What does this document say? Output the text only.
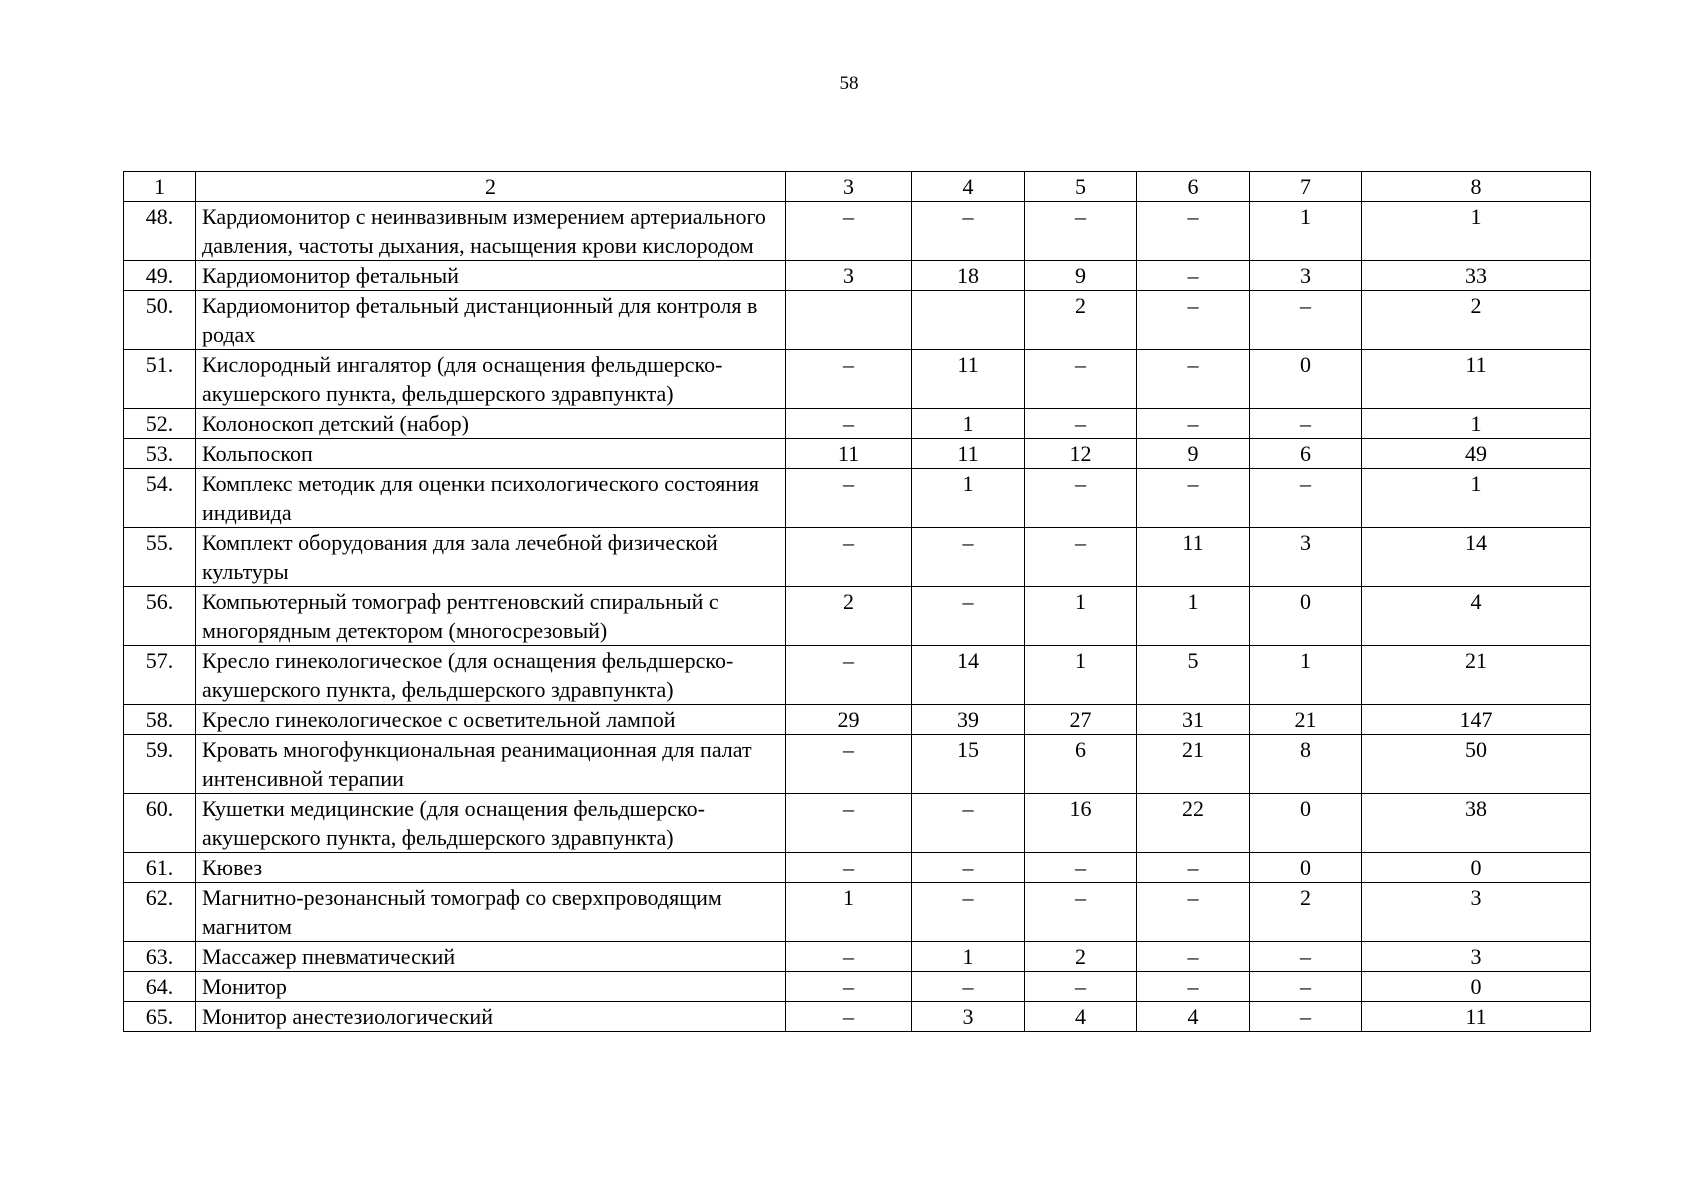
58
1	2	3	4	5	6	7	8
48.	Кардиомонитор с неинвазивным измерением артериального давления, частоты дыхания, насыщения крови кислородом	–	–	–	–	1	1
49.	Кардиомонитор фетальный	3	18	9	–	3	33
50.	Кардиомонитор фетальный дистанционный для контроля в родах			2	–	–	2
51.	Кислородный ингалятор (для оснащения фельдшерско-акушерского пункта, фельдшерского здравпункта)	–	11	–	–	0	11
52.	Колоноскоп детский (набор)	–	1	–	–	–	1
53.	Кольпоскоп	11	11	12	9	6	49
54.	Комплекс методик для оценки психологического состояния индивида	–	1	–	–	–	1
55.	Комплект оборудования для зала лечебной физической культуры	–	–	–	11	3	14
56.	Компьютерный томограф рентгеновский спиральный с многорядным детектором (многосрезовый)	2	–	1	1	0	4
57.	Кресло гинекологическое (для оснащения фельдшерско-акушерского пункта, фельдшерского здравпункта)	–	14	1	5	1	21
58.	Кресло гинекологическое с осветительной лампой	29	39	27	31	21	147
59.	Кровать многофункциональная реанимационная для палат интенсивной терапии	–	15	6	21	8	50
60.	Кушетки медицинские (для оснащения фельдшерско-акушерского пункта, фельдшерского здравпункта)	–	–	16	22	0	38
61.	Кювез	–	–	–	–	0	0
62.	Магнитно-резонансный томограф со сверхпроводящим магнитом	1	–	–	–	2	3
63.	Массажер пневматический	–	1	2	–	–	3
64.	Монитор	–	–	–	–	–	0
65.	Монитор анестезиологический	–	3	4	4	–	11
